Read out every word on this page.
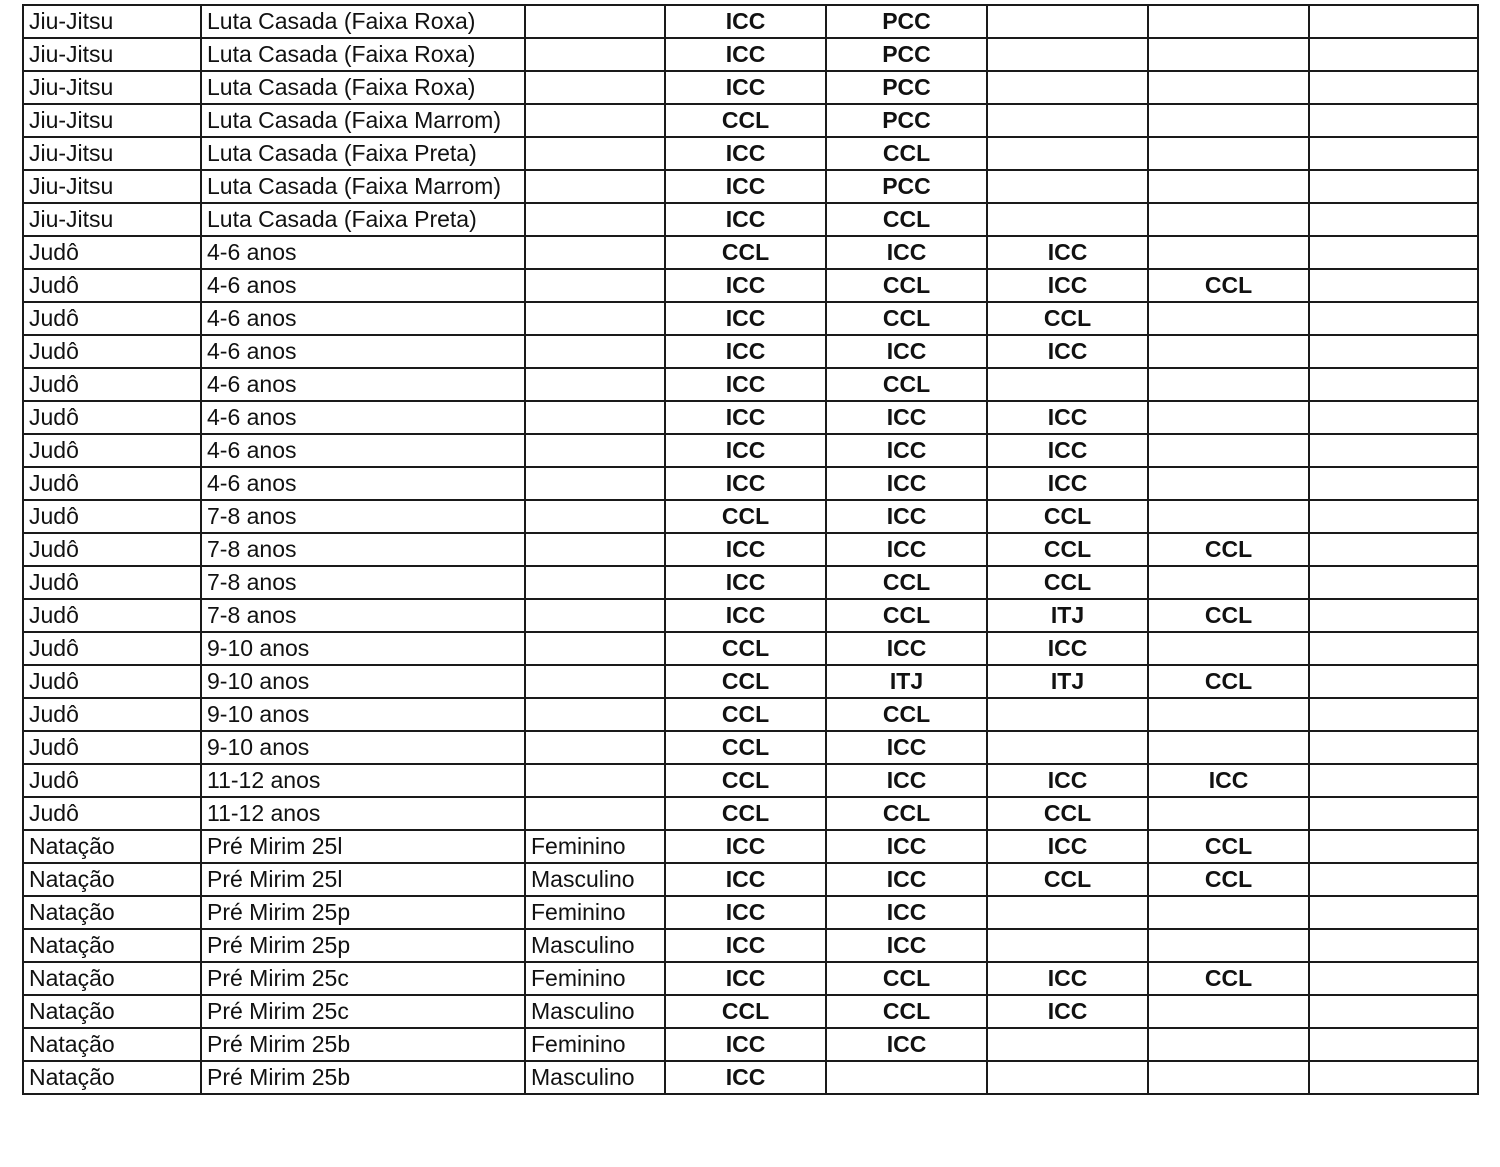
Jiu-Jitsu	Luta Casada (Faixa Roxa)		ICC	PCC			
Jiu-Jitsu	Luta Casada (Faixa Roxa)		ICC	PCC			
Jiu-Jitsu	Luta Casada (Faixa Roxa)		ICC	PCC			
Jiu-Jitsu	Luta Casada (Faixa Marrom)		CCL	PCC			
Jiu-Jitsu	Luta Casada (Faixa Preta)		ICC	CCL			
Jiu-Jitsu	Luta Casada (Faixa Marrom)		ICC	PCC			
Jiu-Jitsu	Luta Casada (Faixa Preta)		ICC	CCL			
Judô	4-6 anos		CCL	ICC	ICC		
Judô	4-6 anos		ICC	CCL	ICC	CCL	
Judô	4-6 anos		ICC	CCL	CCL		
Judô	4-6 anos		ICC	ICC	ICC		
Judô	4-6 anos		ICC	CCL			
Judô	4-6 anos		ICC	ICC	ICC		
Judô	4-6 anos		ICC	ICC	ICC		
Judô	4-6 anos		ICC	ICC	ICC		
Judô	7-8 anos		CCL	ICC	CCL		
Judô	7-8 anos		ICC	ICC	CCL	CCL	
Judô	7-8 anos		ICC	CCL	CCL		
Judô	7-8 anos		ICC	CCL	ITJ	CCL	
Judô	9-10 anos		CCL	ICC	ICC		
Judô	9-10 anos		CCL	ITJ	ITJ	CCL	
Judô	9-10 anos		CCL	CCL			
Judô	9-10 anos		CCL	ICC			
Judô	11-12 anos		CCL	ICC	ICC	ICC	
Judô	11-12 anos		CCL	CCL	CCL		
Natação	Pré Mirim 25l	Feminino	ICC	ICC	ICC	CCL	
Natação	Pré Mirim 25l	Masculino	ICC	ICC	CCL	CCL	
Natação	Pré Mirim 25p	Feminino	ICC	ICC			
Natação	Pré Mirim 25p	Masculino	ICC	ICC			
Natação	Pré Mirim 25c	Feminino	ICC	CCL	ICC	CCL	
Natação	Pré Mirim 25c	Masculino	CCL	CCL	ICC		
Natação	Pré Mirim 25b	Feminino	ICC	ICC			
Natação	Pré Mirim 25b	Masculino	ICC				
